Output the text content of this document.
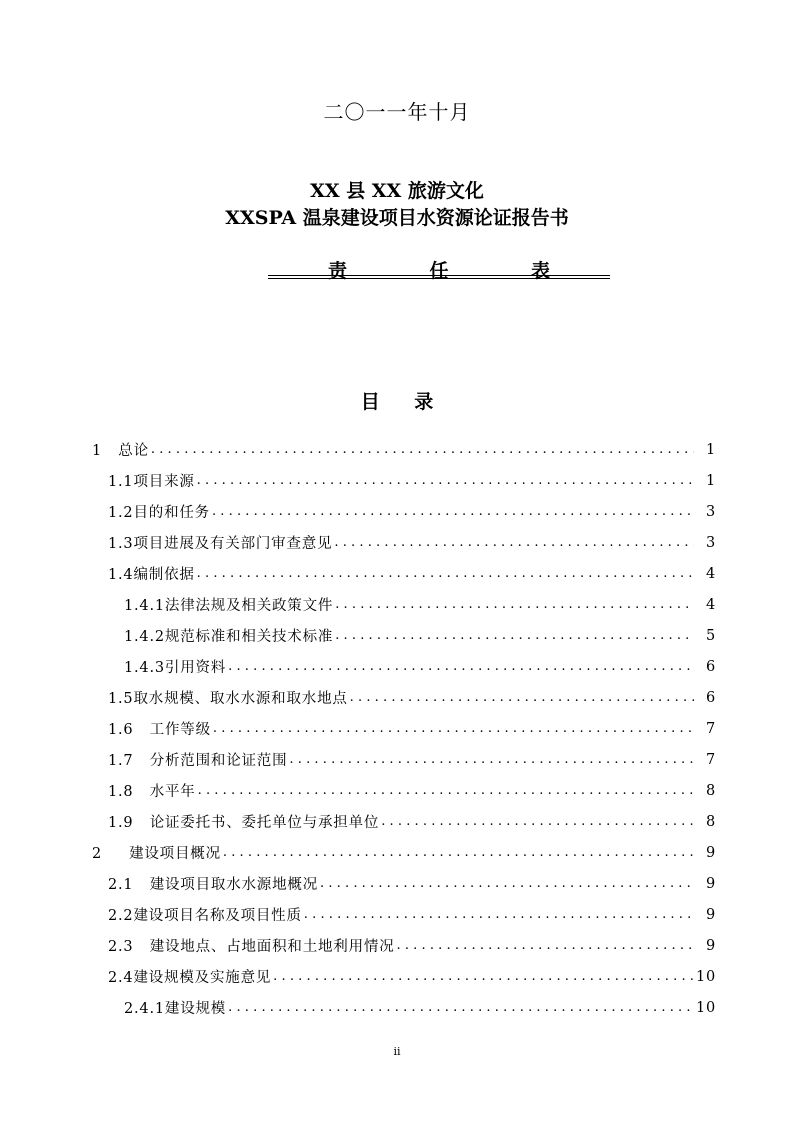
二〇一一年十月
XX 县 XX 旅游文化
XXSPA 温泉建设项目水资源论证报告书
责	任	表
目 录
1 总论 .....	1
1.1项目来源 .....	1
1.2目的和任务 .....	3
1.3项目进展及有关部门审查意见 .....	3
1.4编制依据 .....	4
1.4.1法律法规及相关政策文件 .....	4
1.4.2规范标准和相关技术标准 .....	5
1.4.3引用资料 .....	6
1.5取水规模、取水水源和取水地点 .....	6
1.6 工作等级 .....	7
1.7 分析范围和论证范围 .....	7
1.8 水平年 .....	8
1.9 论证委托书、委托单位与承担单位 .....	8
2 建设项目概况 .....	9
2.1 建设项目取水水源地概况 .....	9
2.2建设项目名称及项目性质 .....	9
2.3 建设地点、占地面积和土地利用情况 .....	9
2.4建设规模及实施意见 .....	10
2.4.1建设规模 .....	10
ii
